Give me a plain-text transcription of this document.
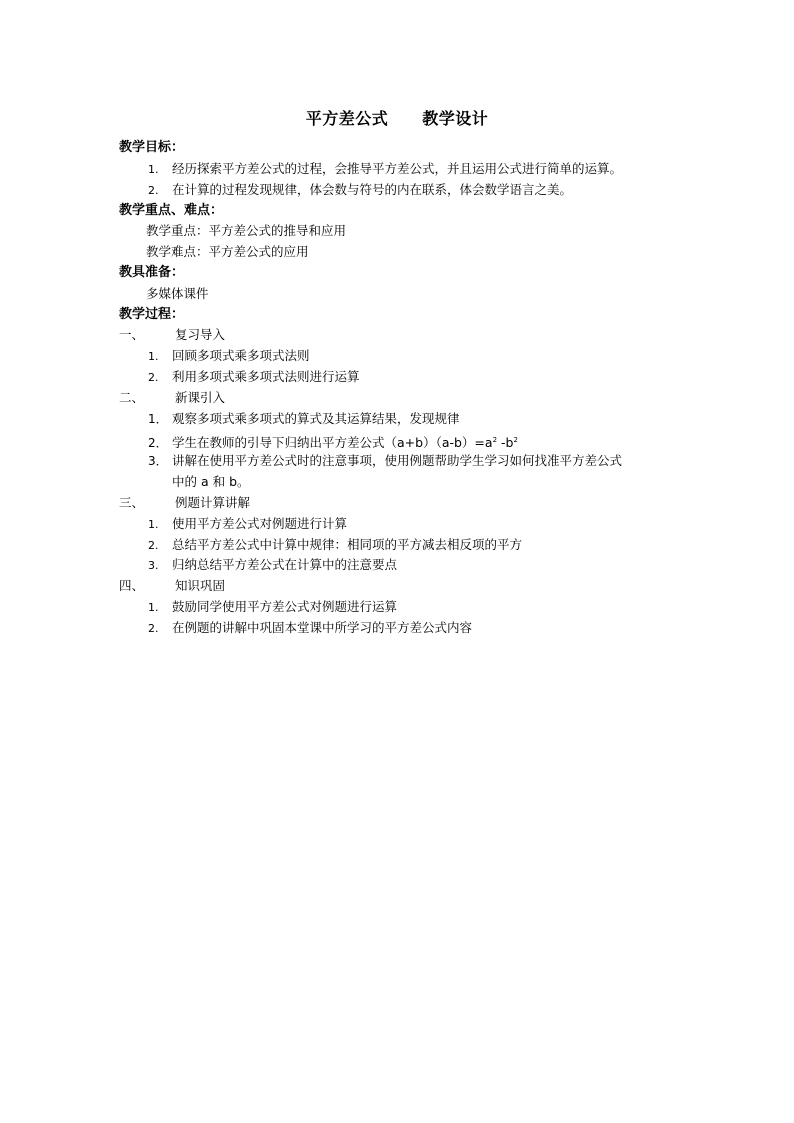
平方差公式 教学设计
教学目标：
1. 经历探索平方差公式的过程，会推导平方差公式，并且运用公式进行简单的运算。
2. 在计算的过程发现规律，体会数与符号的内在联系，体会数学语言之美。
教学重点、难点：
教学重点：平方差公式的推导和应用
教学难点：平方差公式的应用
教具准备：
多媒体课件
教学过程：
一、 复习导入
1. 回顾多项式乘多项式法则
2. 利用多项式乘多项式法则进行运算
二、 新课引入
1． 观察多项式乘多项式的算式及其运算结果，发现规律
2． 学生在教师的引导下归纳出平方差公式$(a+b)(a-b)=a^2$ $-b^2$
3． 讲解在使用平方差公式时的注意事项，使用例题帮助学生学习如何找准平方差公式
中的 a 和 b。
三、 例题计算讲解
1. 使用平方差公式对例题进行计算
2. 总结平方差公式中计算中规律：相同项的平方减去相反项的平方
3. 归纳总结平方差公式在计算中的注意要点
四、 知识巩固
1. 鼓励同学使用平方差公式对例题进行运算
2. 在例题的讲解中巩固本堂课中所学习的平方差公式内容
